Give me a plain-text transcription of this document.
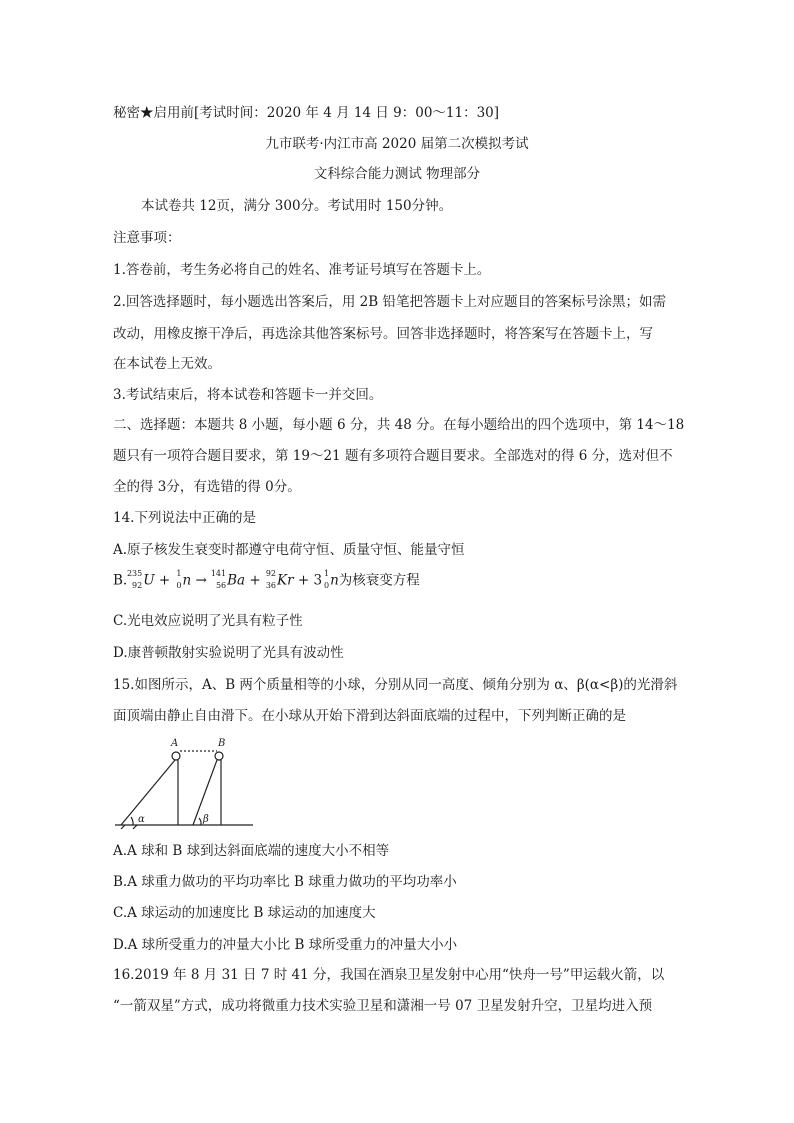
秘密★启用前[考试时间：2020 年 4 月 14 日 9：00～11：30]
九市联考·内江市高 2020 届第二次模拟考试
文科综合能力测试 物理部分
本试卷共 12页，满分 300分。考试用时 150分钟。
注意事项：
1.答卷前，考生务必将自己的姓名、准考证号填写在答题卡上。
2.回答选择题时，每小题选出答案后，用 2B 铅笔把答题卡上对应题目的答案标号涂黑；如需
改动，用橡皮擦干净后，再选涂其他答案标号。回答非选择题时，将答案写在答题卡上，写
在本试卷上无效。
3.考试结束后，将本试卷和答题卡一并交回。
二、选择题：本题共 8 小题，每小题 6 分，共 48 分。在每小题给出的四个选项中，第 14～18
题只有一项符合题目要求，第 19～21 题有多项符合题目要求。全部选对的得 6 分，选对但不
全的得 3分，有选错的得 0分。
14.下列说法中正确的是
A.原子核发生衰变时都遵守电荷守恒、质量守恒、能量守恒
B. 235
92 U + 1
0 n → 141
56 Ba + 92
36 Kr + 3 1
0 n为核衰变方程
C.光电效应说明了光具有粒子性
D.康普顿散射实验说明了光具有波动性
15.如图所示，A、B 两个质量相等的小球，分别从同一高度、倾角分别为 α、β(α<β)的光滑斜
面顶端由静止自由滑下。在小球从开始下滑到达斜面底端的过程中，下列判断正确的是
A	B
α	β
A.A 球和 B 球到达斜面底端的速度大小不相等
B.A 球重力做功的平均功率比 B 球重力做功的平均功率小
C.A 球运动的加速度比 B 球运动的加速度大
D.A 球所受重力的冲量大小比 B 球所受重力的冲量大小小
16.2019 年 8 月 31 日 7 时 41 分，我国在酒泉卫星发射中心用“快舟一号”甲运载火箭，以
“一箭双星”方式，成功将微重力技术实验卫星和潇湘一号 07 卫星发射升空，卫星均进入预
